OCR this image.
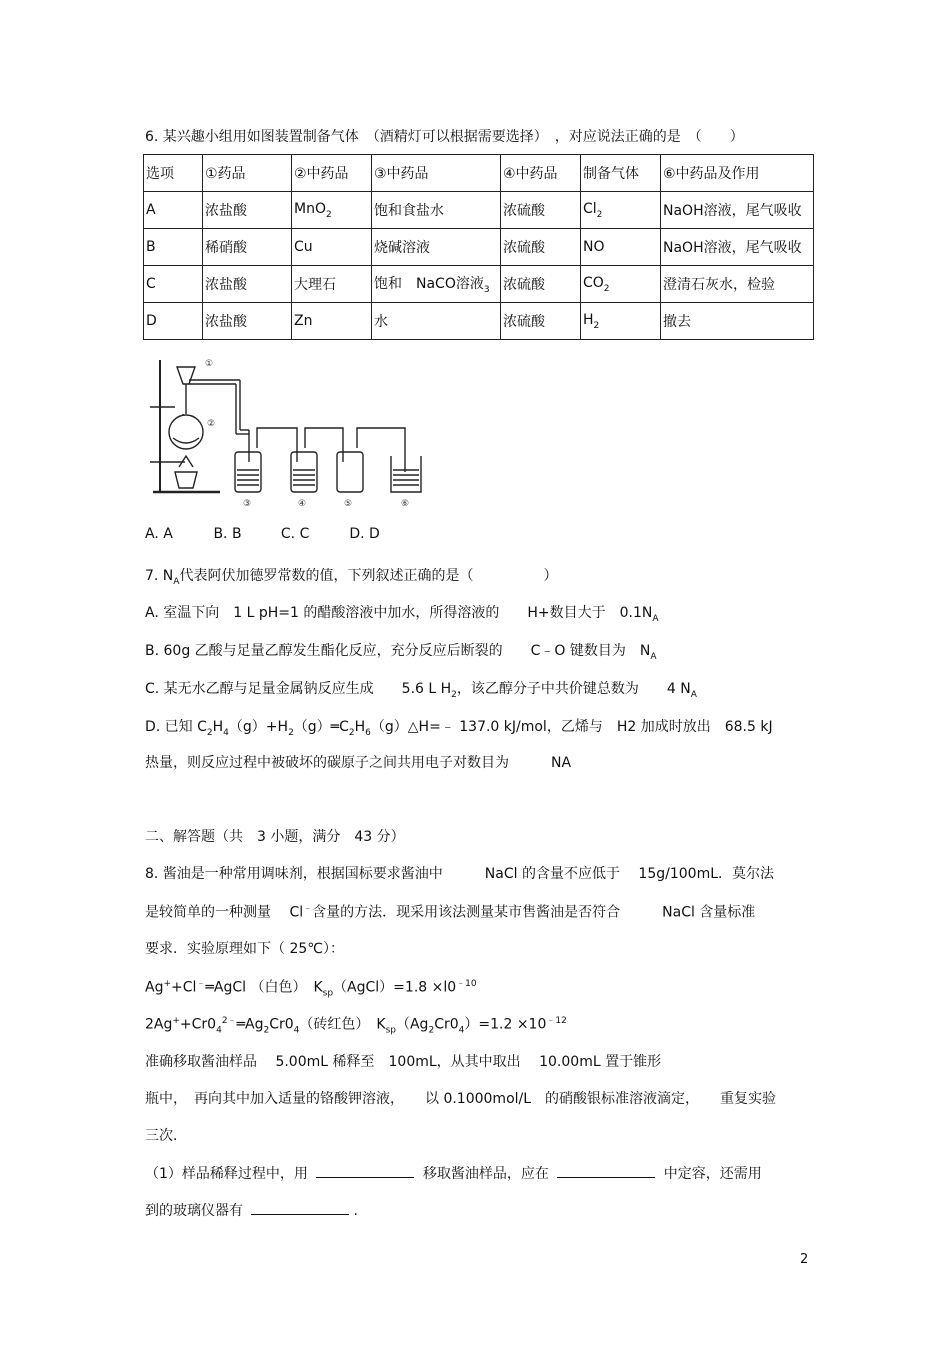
6. 某兴趣小组用如图装置制备气体　（酒精灯可以根据需要选择）　，对应说法正确的是　（　　）
选项	①药品	②中药品	③中药品	④中药品	制备气体	⑥中药品及作用
A	浓盐酸	MnO$_2$	饱和食盐水	浓硫酸	$Cl_2$	NaOH溶液，尾气吸收
B	稀硝酸	Cu	烧碱溶液	浓硫酸	NO	NaOH溶液，尾气吸收
C	浓盐酸	大理石	饱和　NaCO溶液$_3$	浓硫酸	$CO_2$	澄清石灰水，检验
D	浓盐酸	Zn	水	浓硫酸	$H_2$	撤去
①
②
③	④	⑤	⑥
A. A	B. B	C. C	D. D
7. $N_A$代表阿伏加德罗常数的值，下列叙述正确的是（　　　　　）
A. 室温下向　1 L pH=1 的醋酸溶液中加水，所得溶液的　　H+数目大于　$0.1N_A$
B. 60g 乙酸与足量乙醇发生酯化反应，充分反应后断裂的　　C﹣O 键数目为　$N_A$
C. 某无水乙醇与足量金属钠反应生成　　5.6 L $H_2$，该乙醇分子中共价键总数为　　4 $N_A$
D. 已知 $C_2H_4(g)+H_2(g)═C_2H_6(g)\triangle H=﹣$ 137.0 kJ/mol，乙烯与　H2 加成时放出　68.5 kJ
热量，则反应过程中被破坏的碳原子之间共用电子对数目为　　　NA
二、解答题（共　3 小题，满分　43 分）
8. 酱油是一种常用调味剂，根据国标要求酱油中　　　NaCl 的含量不应低于　 15g/100mL．莫尔法
是较简单的一种测量　 Cl﹣含量的方法．现采用该法测量某市售酱油是否符合　　　NaCl 含量标准
要求．实验原理如下（ 25℃）：
Ag++Cl﹣═AgCl （白色）　$K_{sp}(AgCl)=1.8 \times l0^{﹣10}$
$2Ag^++Cr0_4^{2﹣}═Ag_2Cr0_4$（砖红色）　$K_{sp}(Ag_2Cr0_4)=1.2 \times 10^{﹣12}$
准确移取酱油样品　 5.00mL 稀释至　100mL，从其中取出　 10.00mL 置于锥形
瓶中，　再向其中加入适量的铬酸钾溶液，　　以 0.1000mol/L　的硝酸银标准溶液滴定，　　重复实验
三次．
（1）样品稀释过程中，用	移取酱油样品，应在	中定容，还需用
到的玻璃仪器有	.
2
